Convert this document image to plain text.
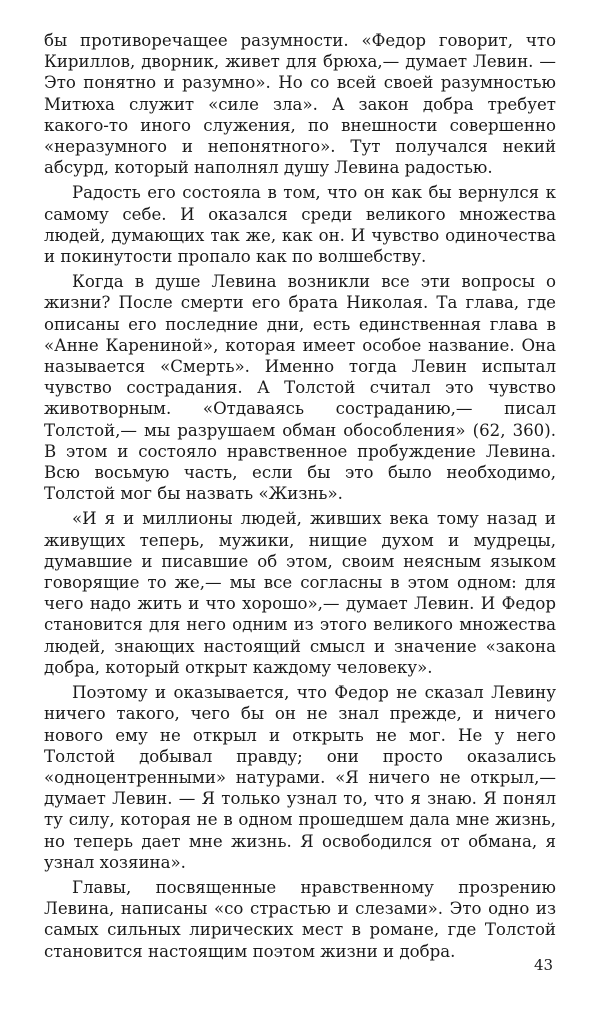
бы противоречащее разумности. «Федор говорит, что Кириллов, дворник, живет для брюха,— думает Левин. — Это понятно и разумно». Но со всей своей разумностью Митюха служит «силе зла». А закон добра требует какого-то иного служения, по внешности совершенно «неразумного и непонятного». Тут получался некий абсурд, который наполнял душу Левина радостью.

Радость его состояла в том, что он как бы вернулся к самому себе. И оказался среди великого множества людей, думающих так же, как он. И чувство одиночества и покинутости пропало как по волшебству.

Когда в душе Левина возникли все эти вопросы о жизни? После смерти его брата Николая. Та глава, где описаны его последние дни, есть единственная глава в «Анне Карениной», которая имеет особое название. Она называется «Смерть». Именно тогда Левин испытал чувство сострадания. А Толстой считал это чувство животворным. «Отдаваясь состраданию,— писал Толстой,— мы разрушаем обман обособления» (62, 360). В этом и состояло нравственное пробуждение Левина. Всю восьмую часть, если бы это было необходимо, Толстой мог бы назвать «Жизнь».

«И я и миллионы людей, живших века тому назад и живущих теперь, мужики, нищие духом и мудрецы, думавшие и писавшие об этом, своим неясным языком говорящие то же,— мы все согласны в этом одном: для чего надо жить и что хорошо»,— думает Левин. И Федор становится для него одним из этого великого множества людей, знающих настоящий смысл и значение «закона добра, который открыт каждому человеку».

Поэтому и оказывается, что Федор не сказал Левину ничего такого, чего бы он не знал прежде, и ничего нового ему не открыл и открыть не мог. Не у него Толстой добывал правду; они просто оказались «одноцентренными» натурами. «Я ничего не открыл,— думает Левин. — Я только узнал то, что я знаю. Я понял ту силу, которая не в одном прошедшем дала мне жизнь, но теперь дает мне жизнь. Я освободился от обмана, я узнал хозяина».

Главы, посвященные нравственному прозрению Левина, написаны «со страстью и слезами». Это одно из самых сильных лирических мест в романе, где Толстой становится настоящим поэтом жизни и добра.

43
